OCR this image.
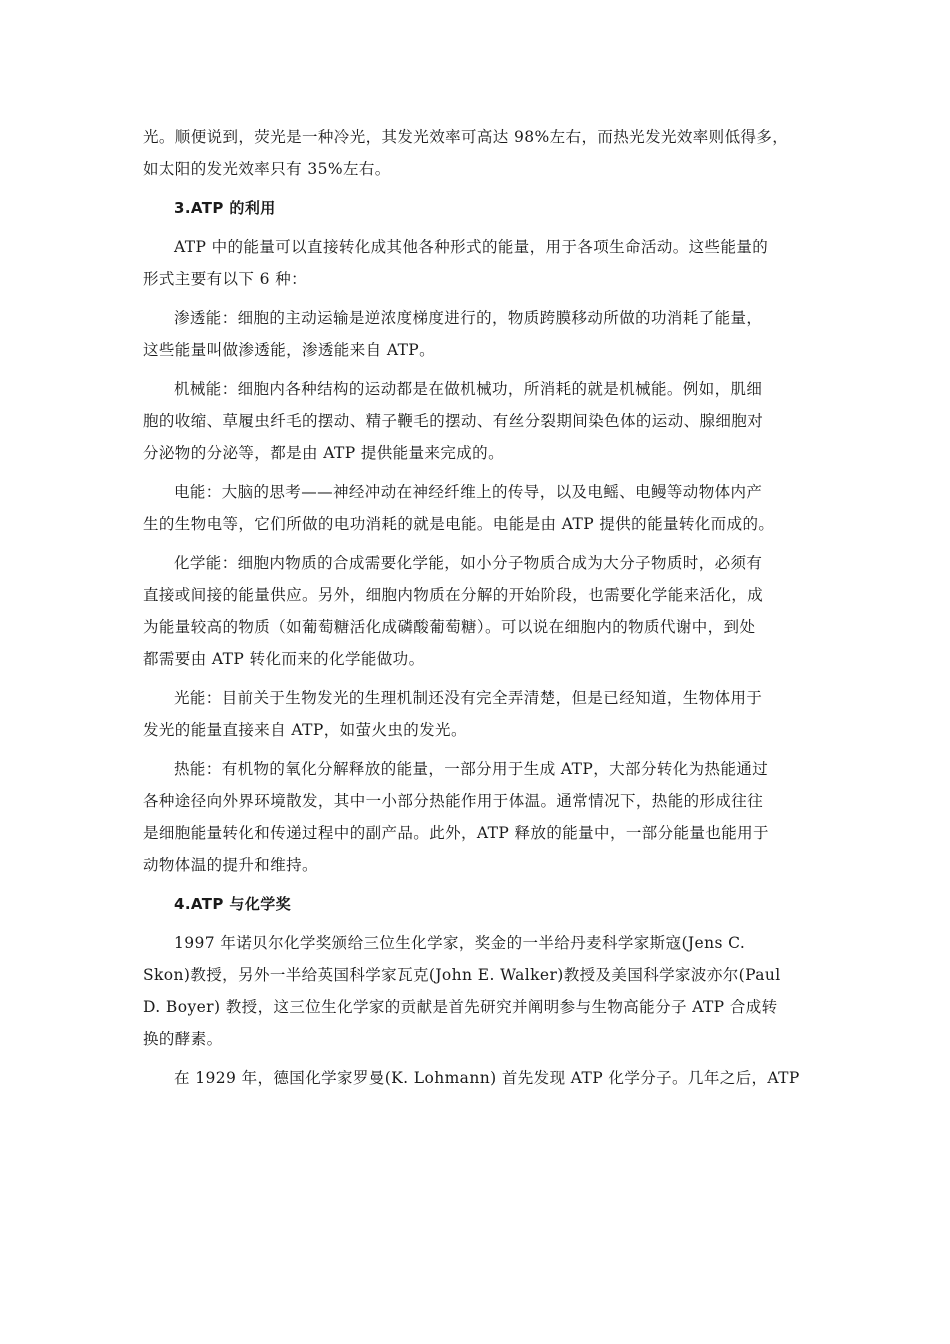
光。顺便说到，荧光是一种冷光，其发光效率可高达 98%左右，而热光发光效率则低得多，
如太阳的发光效率只有 35%左右。
3.ATP 的利用
ATP 中的能量可以直接转化成其他各种形式的能量，用于各项生命活动。这些能量的
形式主要有以下 6 种：
渗透能：细胞的主动运输是逆浓度梯度进行的，物质跨膜移动所做的功消耗了能量，
这些能量叫做渗透能，渗透能来自 ATP。
机械能：细胞内各种结构的运动都是在做机械功，所消耗的就是机械能。例如，肌细
胞的收缩、草履虫纤毛的摆动、精子鞭毛的摆动、有丝分裂期间染色体的运动、腺细胞对
分泌物的分泌等，都是由 ATP 提供能量来完成的。
电能：大脑的思考——神经冲动在神经纤维上的传导，以及电鳐、电鳗等动物体内产
生的生物电等，它们所做的电功消耗的就是电能。电能是由 ATP 提供的能量转化而成的。
化学能：细胞内物质的合成需要化学能，如小分子物质合成为大分子物质时，必须有
直接或间接的能量供应。另外，细胞内物质在分解的开始阶段，也需要化学能来活化，成
为能量较高的物质（如葡萄糖活化成磷酸葡萄糖）。可以说在细胞内的物质代谢中，到处
都需要由 ATP 转化而来的化学能做功。
光能：目前关于生物发光的生理机制还没有完全弄清楚，但是已经知道，生物体用于
发光的能量直接来自 ATP，如萤火虫的发光。
热能：有机物的氧化分解释放的能量，一部分用于生成 ATP，大部分转化为热能通过
各种途径向外界环境散发，其中一小部分热能作用于体温。通常情况下，热能的形成往往
是细胞能量转化和传递过程中的副产品。此外，ATP 释放的能量中，一部分能量也能用于
动物体温的提升和维持。
4.ATP 与化学奖
1997 年诺贝尔化学奖颁给三位生化学家，奖金的一半给丹麦科学家斯寇(Jens C.
Skon)教授，另外一半给英国科学家瓦克(John E. Walker)教授及美国科学家波亦尔(Paul
D. Boyer) 教授，这三位生化学家的贡献是首先研究并阐明参与生物高能分子 ATP 合成转
换的酵素。
在 1929 年，德国化学家罗曼(K. Lohmann) 首先发现 ATP 化学分子。几年之后，ATP
